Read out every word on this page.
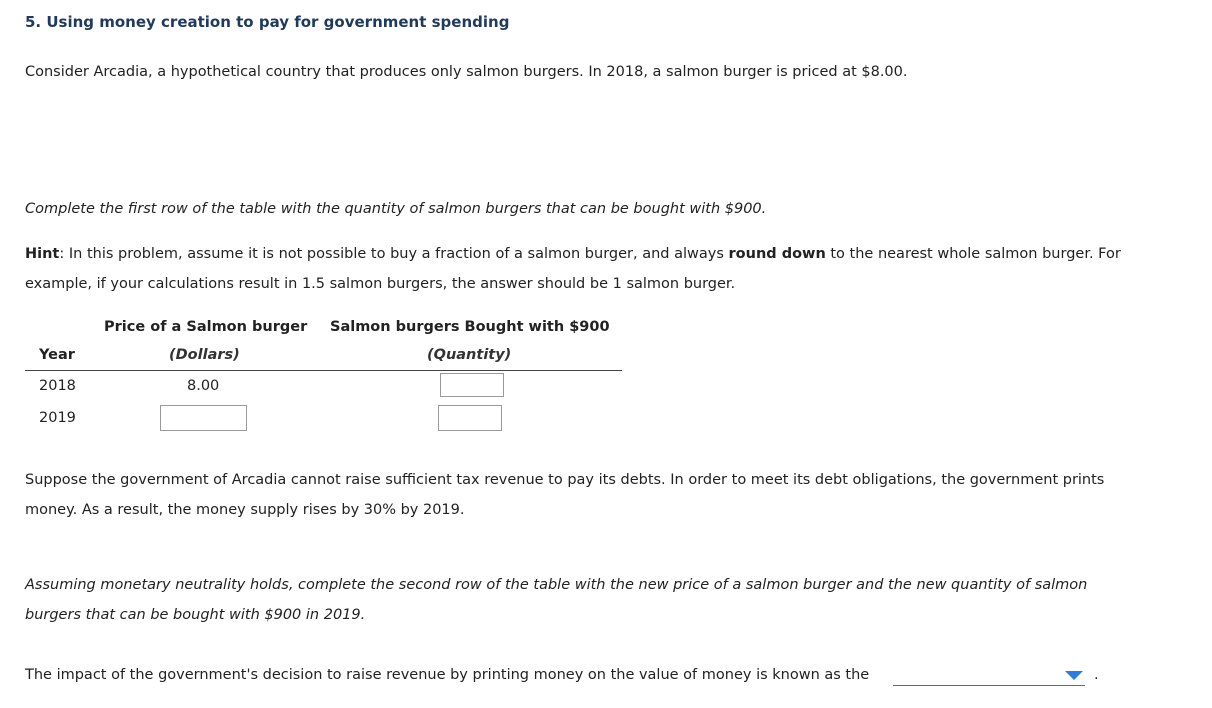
5. Using money creation to pay for government spending
Consider Arcadia, a hypothetical country that produces only salmon burgers. In 2018, a salmon burger is priced at $8.00.
Complete the first row of the table with the quantity of salmon burgers that can be bought with $900.
Hint: In this problem, assume it is not possible to buy a fraction of a salmon burger, and always round down to the nearest whole salmon burger. For
example, if your calculations result in 1.5 salmon burgers, the answer should be 1 salmon burger.
Price of a Salmon burger Salmon burgers Bought with $900
Year	(Dollars)	(Quantity)
2018	8.00
2019
Suppose the government of Arcadia cannot raise sufficient tax revenue to pay its debts. In order to meet its debt obligations, the government prints
money. As a result, the money supply rises by 30% by 2019.
Assuming monetary neutrality holds, complete the second row of the table with the new price of a salmon burger and the new quantity of salmon
burgers that can be bought with $900 in 2019.
The impact of the government's decision to raise revenue by printing money on the value of money is known as the	.
